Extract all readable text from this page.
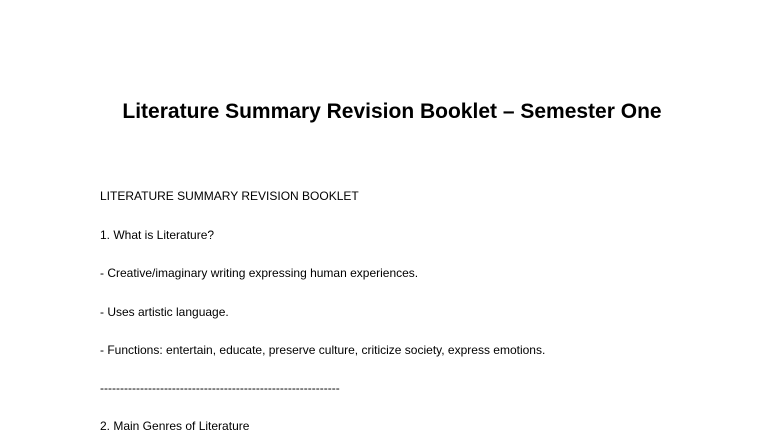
Literature Summary Revision Booklet – Semester One

LITERATURE SUMMARY REVISION BOOKLET

1. What is Literature?

- Creative/imaginary writing expressing human experiences.

- Uses artistic language.

- Functions: entertain, educate, preserve culture, criticize society, express emotions.

------------------------------------------------------------

2. Main Genres of Literature
